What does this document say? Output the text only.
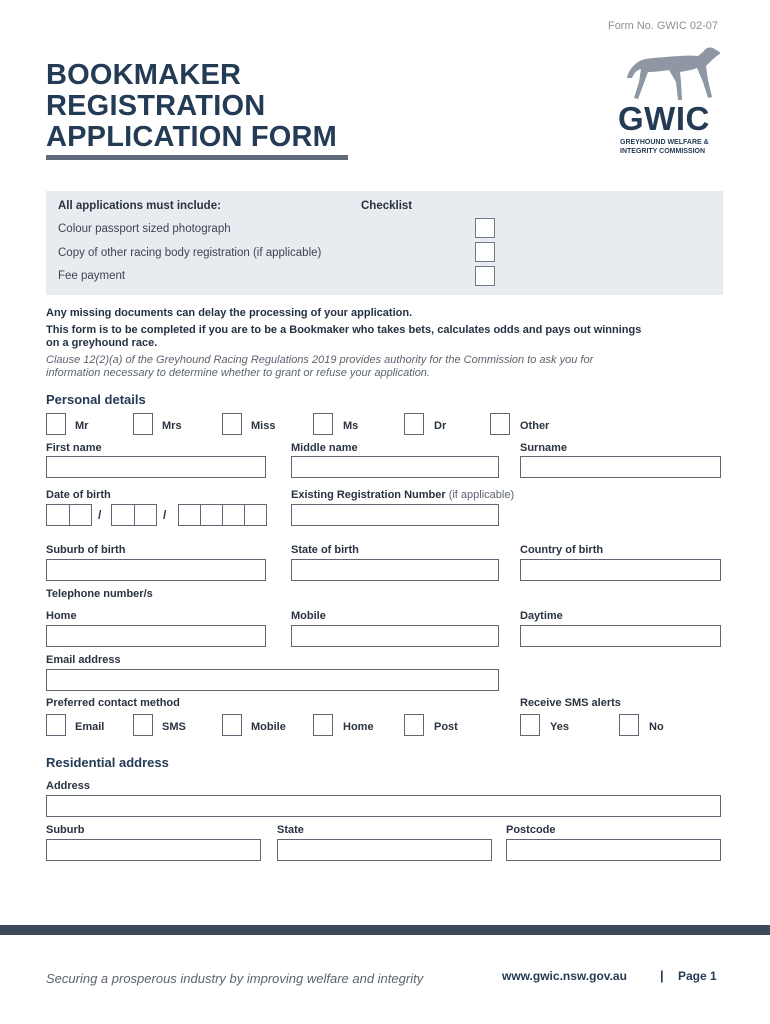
Form No. GWIC 02-07
BOOKMAKER
REGISTRATION
APPLICATION FORM	GWIC
GREYHOUND WELFARE &
INTEGRITY COMMISSION
All applications must include:	Checklist
Colour passport sized photograph
Copy of other racing body registration (if applicable)
Fee payment
Any missing documents can delay the processing of your application.
This form is to be completed if you are to be a Bookmaker who takes bets, calculates odds and pays out winnings
on a greyhound race.
Clause 12(2)(a) of the Greyhound Racing Regulations 2019 provides authority for the Commission to ask you for
information necessary to determine whether to grant or refuse your application.
Personal details
Mr	Mrs	Miss	Ms	Dr	Other
First name	Middle name	Surname
Date of birth	Existing Registration Number (if applicable)
/	/
Suburb of birth	State of birth	Country of birth
Telephone number/s
Home	Mobile	Daytime
Email address
Preferred contact method	Receive SMS alerts
Email	SMS	Mobile	Home	Post	Yes	No
Residential address
Address
Suburb	State	Postcode
Securing a prosperous industry by improving welfare and integrity	www.gwic.nsw.gov.au	| Page 1
